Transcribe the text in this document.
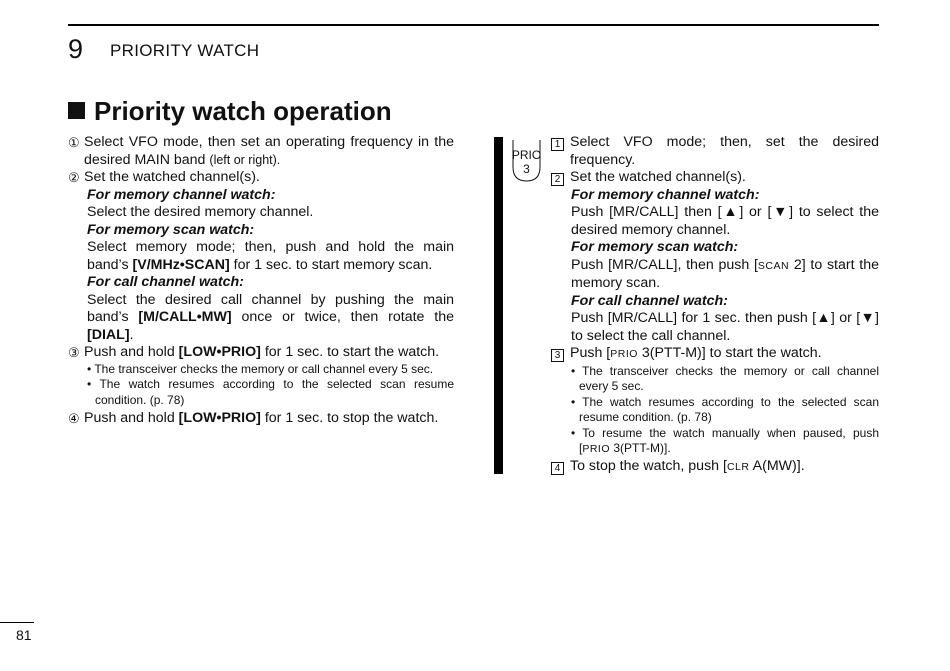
9 PRIORITY WATCH
Priority watch operation
① Select VFO mode, then set an operating frequency in the desired MAIN band (left or right).
② Set the watched channel(s).
For memory channel watch:
Select the desired memory channel.
For memory scan watch:
Select memory mode; then, push and hold the main band’s [V/MHz•SCAN] for 1 sec. to start memory scan.
For call channel watch:
Select the desired call channel by pushing the main band’s [M/CALL•MW] once or twice, then rotate the [DIAL].
③ Push and hold [LOW•PRIO] for 1 sec. to start the watch.
• The transceiver checks the memory or call channel every 5 sec.
• The watch resumes according to the selected scan resume condition. (p. 78)
④ Push and hold [LOW•PRIO] for 1 sec. to stop the watch.
PRIO
3
1 Select VFO mode; then, set the desired frequency.
2 Set the watched channel(s).
For memory channel watch:
Push [MR/CALL] then [▲] or [▼] to select the desired memory channel.
For memory scan watch:
Push [MR/CALL], then push [SCAN 2] to start the memory scan.
For call channel watch:
Push [MR/CALL] for 1 sec. then push [▲] or [▼] to select the call channel.
3 Push [PRIO 3(PTT-M)] to start the watch.
• The transceiver checks the memory or call channel every 5 sec.
• The watch resumes according to the selected scan resume condition. (p. 78)
• To resume the watch manually when paused, push [PRIO 3(PTT-M)].
4 To stop the watch, push [CLR A(MW)].
81
